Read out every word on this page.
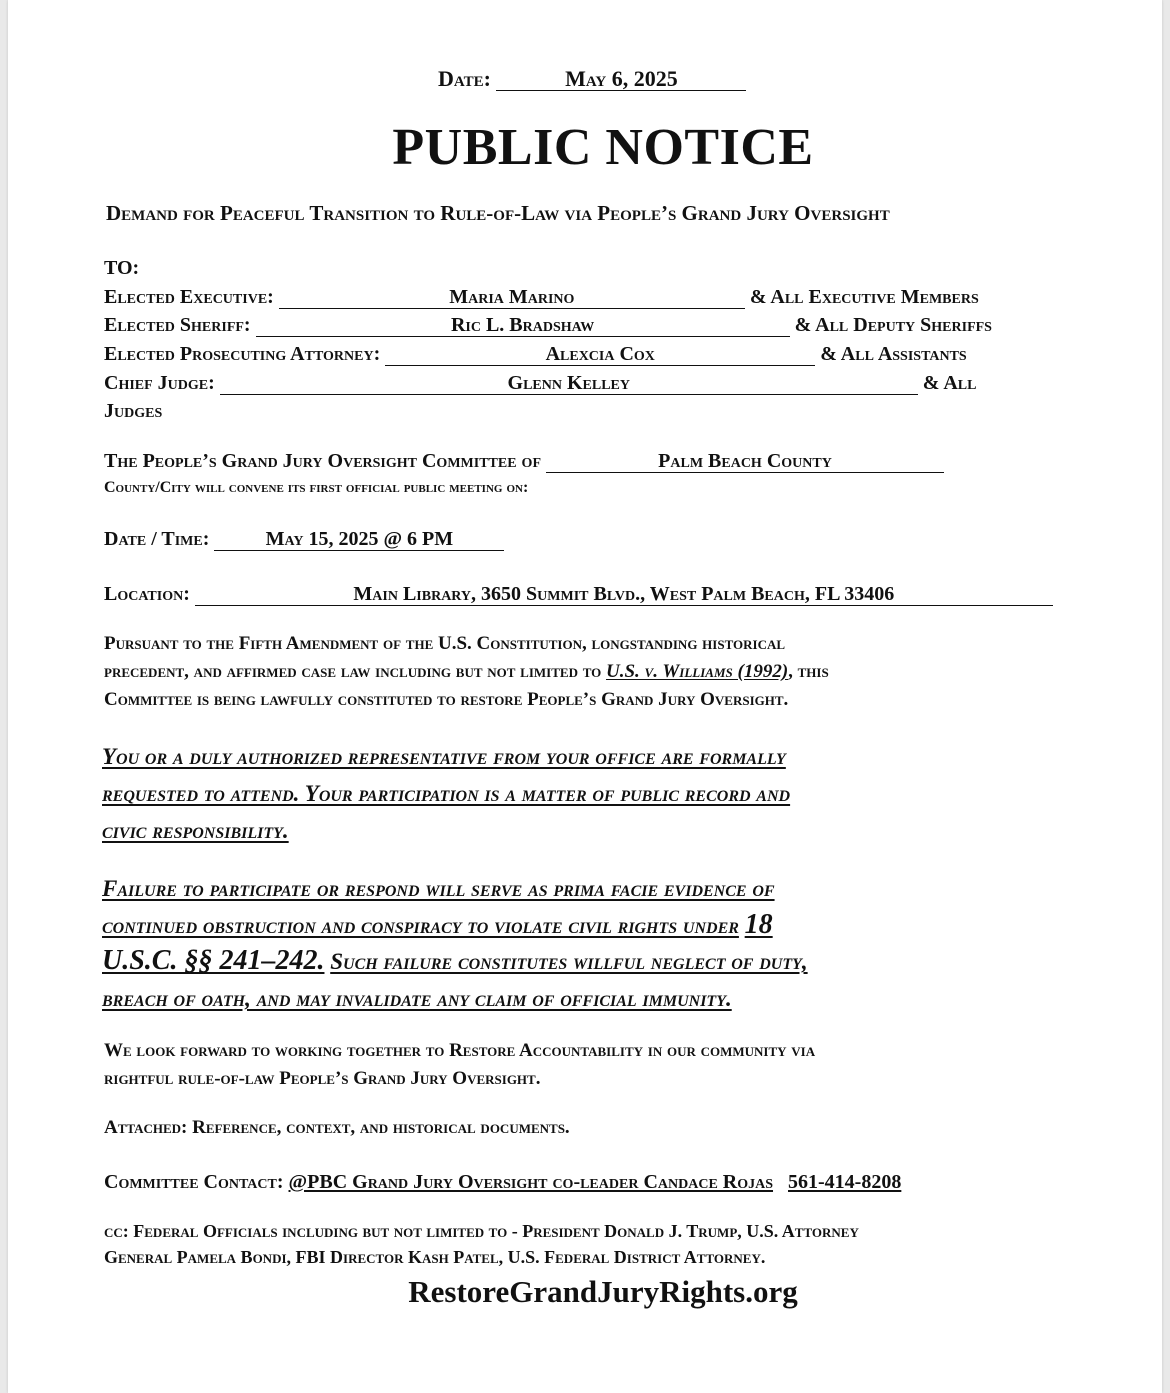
Date:	May 6, 2025
PUBLIC NOTICE
Demand for Peaceful Transition to Rule-of-Law via People’s Grand Jury Oversight
TO:
Elected Executive:	Maria Marino	& All Executive Members
Elected Sheriff:	Ric L. Bradshaw	& All Deputy Sheriffs
Elected Prosecuting Attorney:	Alexcia Cox	& All Assistants
Chief Judge:	Glenn Kelley	& All
Judges
The People’s Grand Jury Oversight Committee of	Palm Beach County
County/City will convene its first official public meeting on:
Date / Time:	May 15, 2025 @ 6 PM
Location:	Main Library, 3650 Summit Blvd., West Palm Beach, FL 33406
Pursuant to the Fifth Amendment of the U.S. Constitution, longstanding historical
precedent, and affirmed case law including but not limited to U.S. v. Williams (1992), this
Committee is being lawfully constituted to restore People’s Grand Jury Oversight.
You or a duly authorized representative from your office are formally
requested to attend. Your participation is a matter of public record and
civic responsibility.
Failure to participate or respond will serve as prima facie evidence of
continued obstruction and conspiracy to violate civil rights under 18
U.S.C. §§ 241–242. Such failure constitutes willful neglect of duty,
breach of oath, and may invalidate any claim of official immunity.
We look forward to working together to Restore Accountability in our community via
rightful rule-of-law People’s Grand Jury Oversight.
Attached: Reference, context, and historical documents.
Committee Contact: @PBC Grand Jury Oversight co-leader Candace Rojas 561-414-8208
cc: Federal Officials including but not limited to - President Donald J. Trump, U.S. Attorney
General Pamela Bondi, FBI Director Kash Patel, U.S. Federal District Attorney.
RestoreGrandJuryRights.org
